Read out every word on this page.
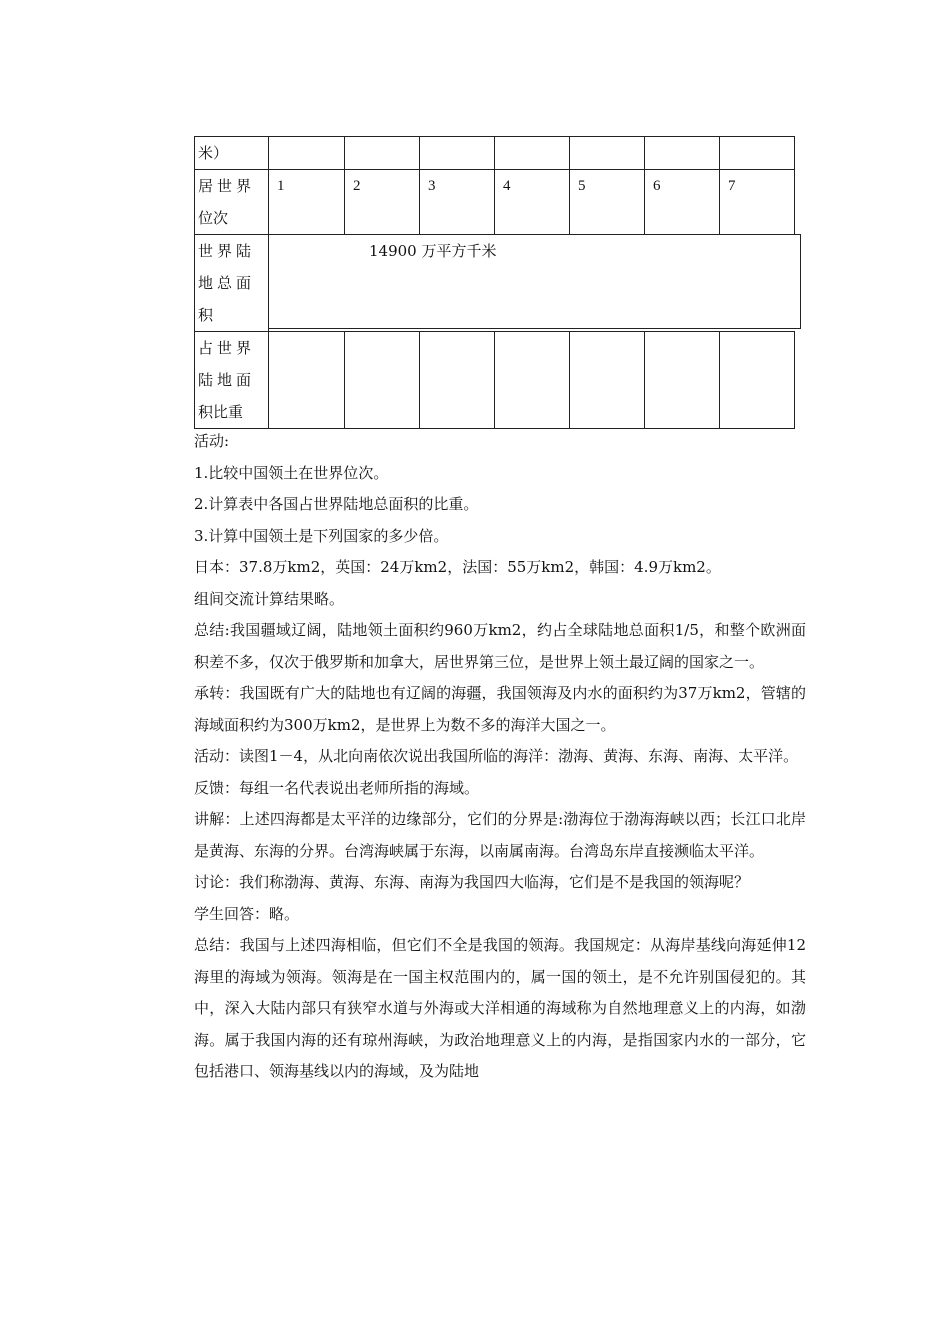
米）							

居世界
位次	1	2	3	4	5	6	7

世界陆
地总面
积	14900 万平方千米						

占世界
陆地面
积比重							

活动:

1.比较中国领土在世界位次。

2.计算表中各国占世界陆地总面积的比重。

3.计算中国领土是下列国家的多少倍。

日本：37.8万km2，英国：24万km2，法国：55万km2，韩国：4.9万km2。

组间交流计算结果略。

总结:我国疆域辽阔，陆地领土面积约960万km2，约占全球陆地总面积1/5，和整个欧洲面积差不多，仅次于俄罗斯和加拿大，居世界第三位，是世界上领土最辽阔的国家之一。

承转：我国既有广大的陆地也有辽阔的海疆，我国领海及内水的面积约为37万km2，管辖的海域面积约为300万km2，是世界上为数不多的海洋大国之一。

活动：读图1－4，从北向南依次说出我国所临的海洋：渤海、黄海、东海、南海、太平洋。

反馈：每组一名代表说出老师所指的海域。

讲解：上述四海都是太平洋的边缘部分，它们的分界是:渤海位于渤海海峡以西；长江口北岸是黄海、东海的分界。台湾海峡属于东海，以南属南海。台湾岛东岸直接濒临太平洋。

讨论：我们称渤海、黄海、东海、南海为我国四大临海，它们是不是我国的领海呢？

学生回答：略。

总结：我国与上述四海相临，但它们不全是我国的领海。我国规定：从海岸基线向海延伸12海里的海域为领海。领海是在一国主权范围内的，属一国的领土，是不允许别国侵犯的。其中，深入大陆内部只有狭窄水道与外海或大洋相通的海域称为自然地理意义上的内海，如渤海。属于我国内海的还有琼州海峡，为政治地理意义上的内海，是指国家内水的一部分，它包括港口、领海基线以内的海域，及为陆地
